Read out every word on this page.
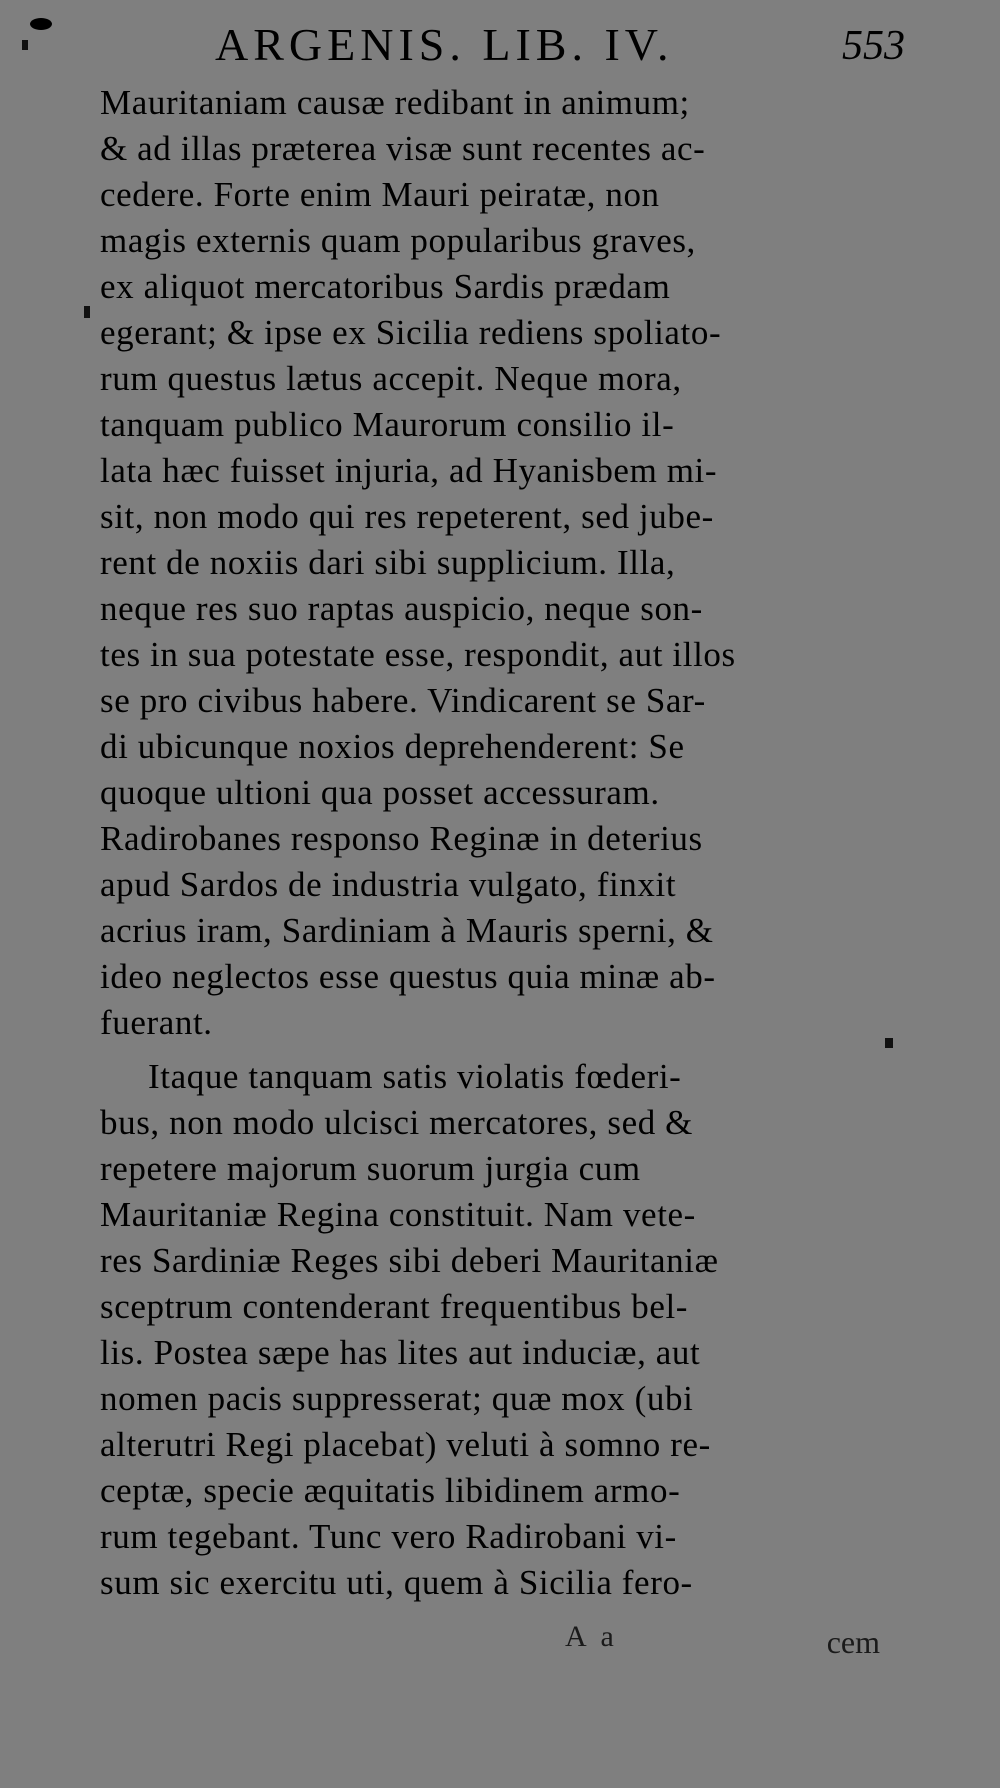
ARGENIS. LIB. IV.	553
Mauritaniam causæ redibant in animum;
& ad illas præterea visæ sunt recentes ac-
cedere. Forte enim Mauri peiratæ, non
magis externis quam popularibus graves,
ex aliquot mercatoribus Sardis prædam
egerant; & ipse ex Sicilia rediens spoliato-
rum questus lætus accepit. Neque mora,
tanquam publico Maurorum consilio il-
lata hæc fuisset injuria, ad Hyanisbem mi-
sit, non modo qui res repeterent, sed jube-
rent de noxiis dari sibi supplicium. Illa,
neque res suo raptas auspicio, neque son-
tes in sua potestate esse, respondit, aut illos
se pro civibus habere. Vindicarent se Sar-
di ubicunque noxios deprehenderent: Se
quoque ultioni qua posset accessuram.
Radirobanes responso Reginæ in deterius
apud Sardos de industria vulgato, finxit
acrius iram, Sardiniam à Mauris sperni, &
ideo neglectos esse questus quia minæ ab-
fuerant.
Itaque tanquam satis violatis fœderi-
bus, non modo ulcisci mercatores, sed &
repetere majorum suorum jurgia cum
Mauritaniæ Regina constituit. Nam vete-
res Sardiniæ Reges sibi deberi Mauritaniæ
sceptrum contenderant frequentibus bel-
lis. Postea sæpe has lites aut induciæ, aut
nomen pacis suppresserat; quæ mox (ubi
alterutri Regi placebat) veluti à somno re-
ceptæ, specie æquitatis libidinem armo-
rum tegebant. Tunc vero Radirobani vi-
sum sic exercitu uti, quem à Sicilia fero-
A a	cem
